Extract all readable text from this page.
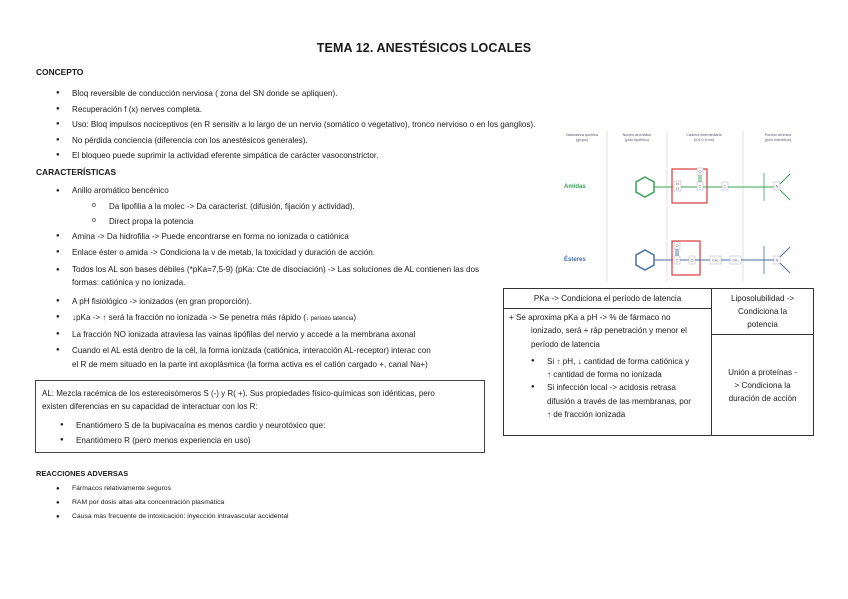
TEMA 12. ANESTÉSICOS LOCALES
CONCEPTO
● Bloq reversible de conducción nerviosa ( zona del SN donde se apliquen).
● Recuperación f (x) nerves completa.
● Uso: Bloq impulsos nociceptivos (en R sensitiv a lo largo de un nervio (somático o vegetativo), tronco nervioso o en los ganglios).
● No pérdida conciencia (diferencia con los anestésicos generales).
● El bloqueo puede suprimir la actividad eferente simpática de carácter vasoconstrictor.
CARACTERÍSTICAS
● Anillo aromático bencénico
o Da lipofilia a la molec -> Da caracterist. (difusión, fijación y actividad).
o Direct propa la potencia
● Amina -> Da hidrofilia -> Puede encontrarse en forma no ionizada o catiónica
● Enlace éster o amida -> Condiciona la v de metab, la toxicidad y duración de acción.
● Todos los AL son bases débiles (*pKa=7,5-9) (pKa: Cte de disociación) -> Las soluciones de AL contienen las dos
formas: catiónica y no ionizada.
● A pH fisiológico -> ionizados (en gran proporción).
● ↓pKa -> ↑ será la fracción no ionizada -> Se penetra más rápido (↓ período latencia)
● La fracción NO ionizada atraviesa las vainas lipófilas del nervio y accede a la membrana axonal
● Cuando el AL está dentro de la cél, la forma ionizada (catiónica, interacción AL-receptor) interac con
el R de mem situado en la parte int axoplásmica (la forma activa es el catión cargado +, canal Na+)
AL: Mezcla racémica de los estereoisómeros S (-) y R( +). Sus propiedades físico-químicas son idénticas, pero
existen diferencias en su capacidad de interactuar con los R:
● Enantiómero S de la bupivacaína es menos cardio y neurotóxico que:
● Enantiómero R (pero menos experiencia en uso)
REACCIONES ADVERSAS
● Fármacos relativamente seguros
● RAM por dosis altas alta concentración plasmática
● Causa más frecuente de intoxicación: inyección intravascular accidental
PKa -> Condiciona el período de latencia	Liposolubilidad ->
Condiciona la
potencia

+ Se aproxima pKa a pH -> % de fármaco no
ionizado, será + ráp penetración y menor el
período de latencia
● Si ↑ pH, ↓ cantidad de forma catiónica y
↑ cantidad de forma no ionizada
● Si infección local -> acidosis retrasa
difusión a través de las membranas, por
↑ de fracción ionizada

Unión a proteínas -
> Condiciona la
duración de acción
Naturaleza química
(grupo)
Núcleo aromático
(polo lipofílico)
Cadena intermediaria
(0.6-0.9 nm)
Porción amínica
(polo hidrofílico)
Amidas	N
H
C
O
C	N
Ésteres	C
O
O	CH₂	CH₂	N
